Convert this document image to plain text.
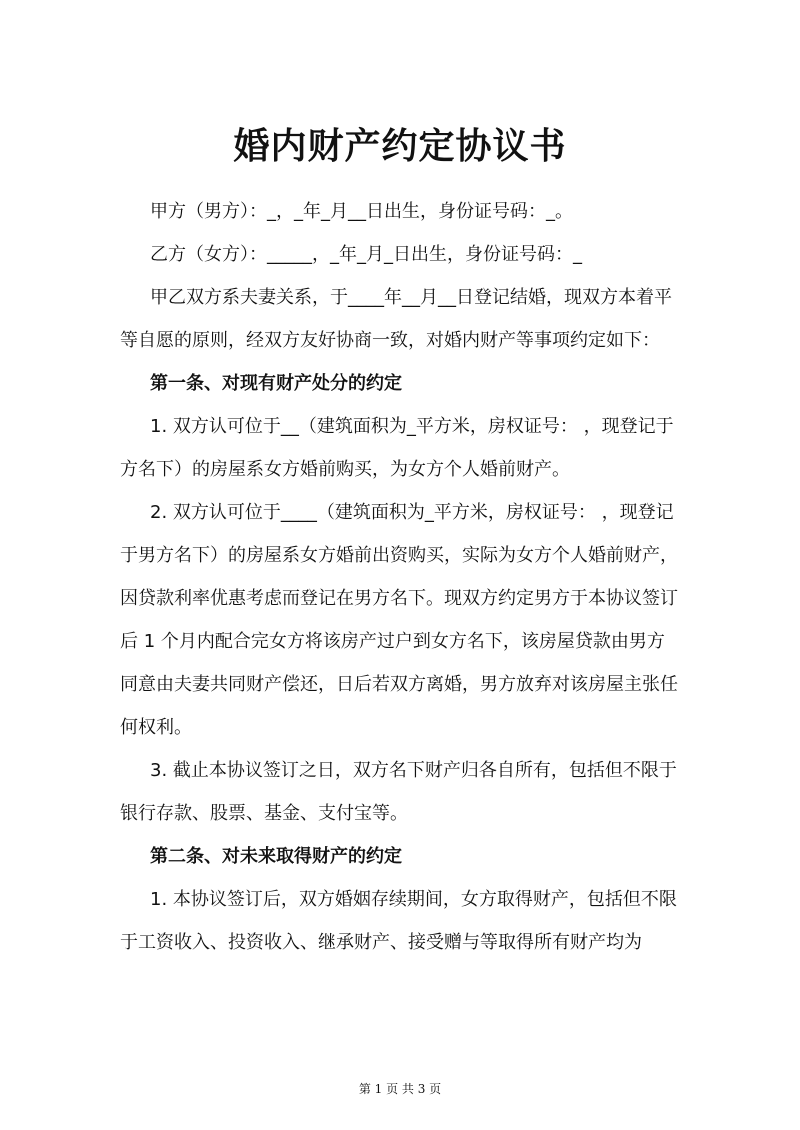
婚内财产约定协议书

甲方（男方）：_，_年_月__日出生，身份证号码：_。

乙方（女方）：_____，_年_月_日出生，身份证号码：_

甲乙双方系夫妻关系，于____年__月__日登记结婚，现双方本着平等自愿的原则，经双方友好协商一致，对婚内财产等事项约定如下：

第一条、对现有财产处分的约定

1. 双方认可位于__（建筑面积为_平方米，房权证号： ，现登记于 方名下）的房屋系女方婚前购买，为女方个人婚前财产。

2. 双方认可位于____（建筑面积为_平方米，房权证号： ，现登记于男方名下）的房屋系女方婚前出资购买，实际为女方个人婚前财产，因贷款利率优惠考虑而登记在男方名下。现双方约定男方于本协议签订后 1 个月内配合完女方将该房产过户到女方名下，该房屋贷款由男方同意由夫妻共同财产偿还，日后若双方离婚，男方放弃对该房屋主张任何权利。

3. 截止本协议签订之日，双方名下财产归各自所有，包括但不限于银行存款、股票、基金、支付宝等。

第二条、对未来取得财产的约定

1. 本协议签订后，双方婚姻存续期间，女方取得财产，包括但不限于工资收入、投资收入、继承财产、接受赠与等取得所有财产均为

第 1 页 共 3 页
